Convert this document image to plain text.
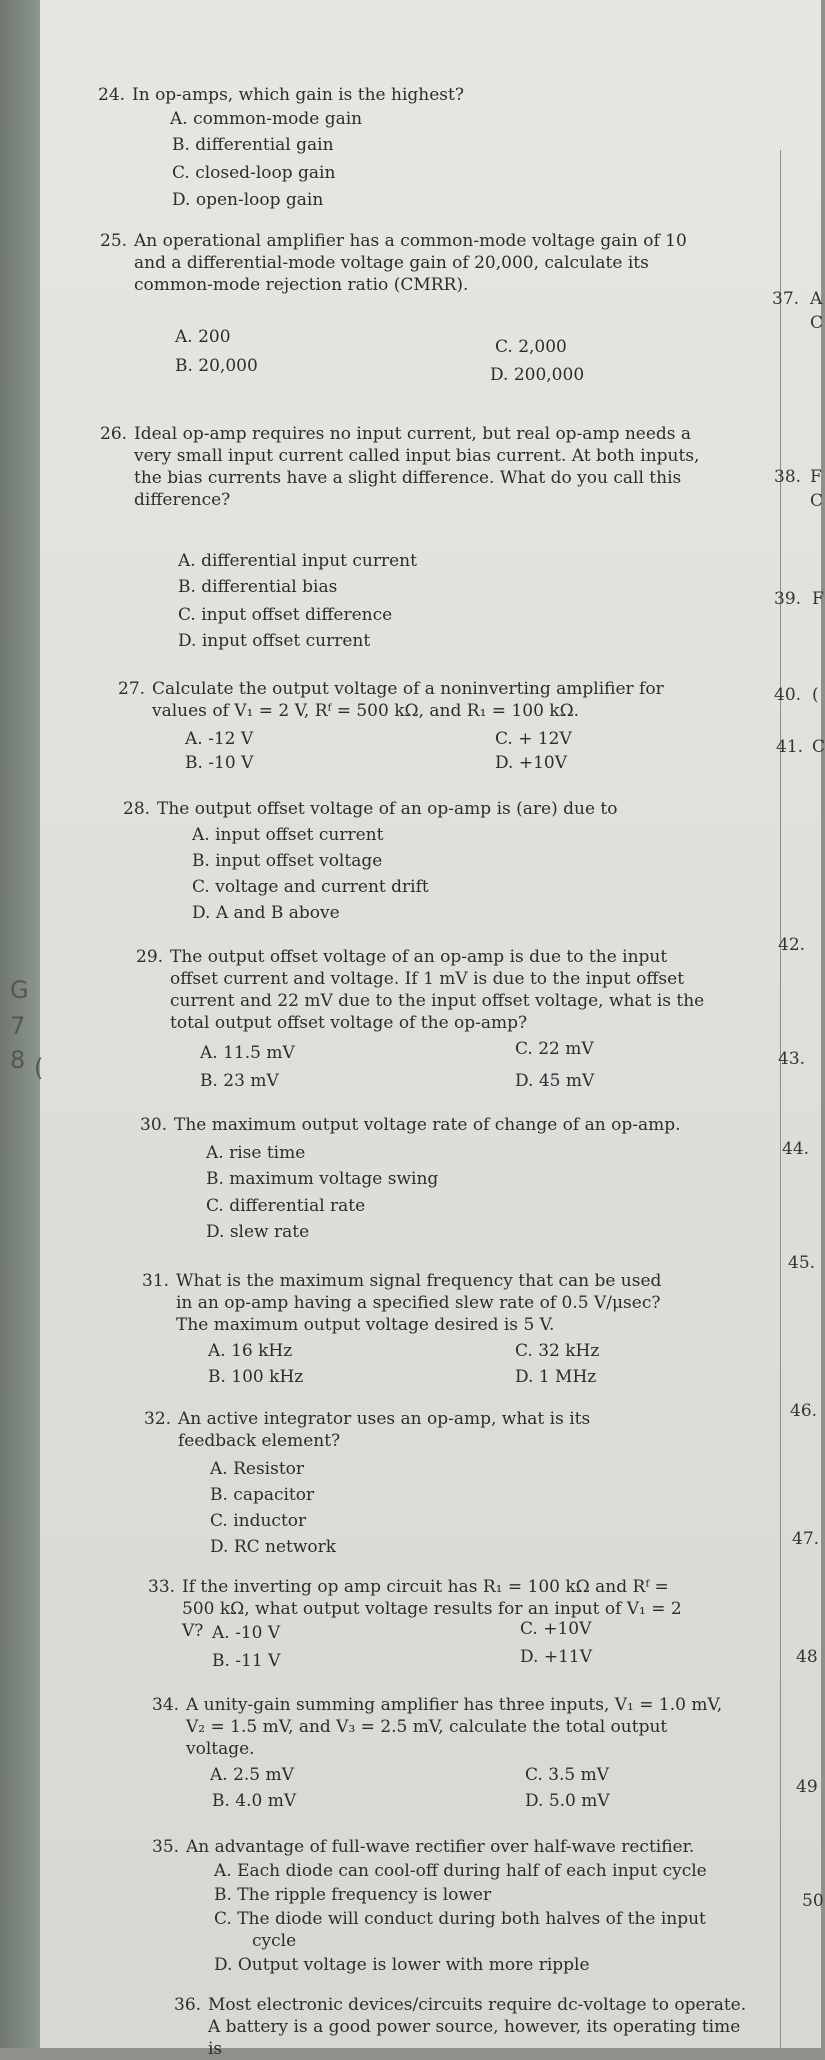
24. In op-amps, which gain is the highest?
A. common-mode gain
B. differential gain
C. closed-loop gain
D. open-loop gain
25. An operational amplifier has a common-mode voltage gain of 10 and a differential-mode voltage gain of 20,000, calculate its common-mode rejection ratio (CMRR).
A. 200	C. 2,000
B. 20,000	D. 200,000
26. Ideal op-amp requires no input current, but real op-amp needs a very small input current called input bias current. At both inputs, the bias currents have a slight difference. What do you call this difference?
A. differential input current
B. differential bias
C. input offset difference
D. input offset current
27. Calculate the output voltage of a noninverting amplifier for values of V₁ = 2 V, Rᶠ = 500 kΩ, and R₁ = 100 kΩ.
A. -12 V	C. + 12V
B. -10 V	D. +10V
28. The output offset voltage of an op-amp is (are) due to
A. input offset current
B. input offset voltage
C. voltage and current drift
D. A and B above
29. The output offset voltage of an op-amp is due to the input offset current and voltage. If 1 mV is due to the input offset current and 22 mV due to the input offset voltage, what is the total output offset voltage of the op-amp?
A. 11.5 mV	C. 22 mV
B. 23 mV	D. 45 mV
30. The maximum output voltage rate of change of an op-amp.
A. rise time
B. maximum voltage swing
C. differential rate
D. slew rate
31. What is the maximum signal frequency that can be used in an op-amp having a specified slew rate of 0.5 V/μsec? The maximum output voltage desired is 5 V.
A. 16 kHz	C. 32 kHz
B. 100 kHz	D. 1 MHz
32. An active integrator uses an op-amp, what is its feedback element?
A. Resistor
B. capacitor
C. inductor
D. RC network
33. If the inverting op amp circuit has R₁ = 100 kΩ and Rᶠ = 500 kΩ, what output voltage results for an input of V₁ = 2 V? A. -10 V	C. +10V
B. -11 V	D. +11V
34. A unity-gain summing amplifier has three inputs, V₁ = 1.0 mV, V₂ = 1.5 mV, and V₃ = 2.5 mV, calculate the total output voltage.
A. 2.5 mV	C. 3.5 mV
B. 4.0 mV	D. 5.0 mV
35. An advantage of full-wave rectifier over half-wave rectifier.
A. Each diode can cool-off during half of each input cycle
B. The ripple frequency is lower
C. The diode will conduct during both halves of the input
cycle
D. Output voltage is lower with more ripple
36. Most electronic devices/circuits require dc-voltage to operate. A battery is a good power source, however, its operating time is
37.
38.
39.
40.
41.
42.
43.
44.
45.
46.
47.
48
49
50
A
C
F
C
F
(
C
G
7
8 (
